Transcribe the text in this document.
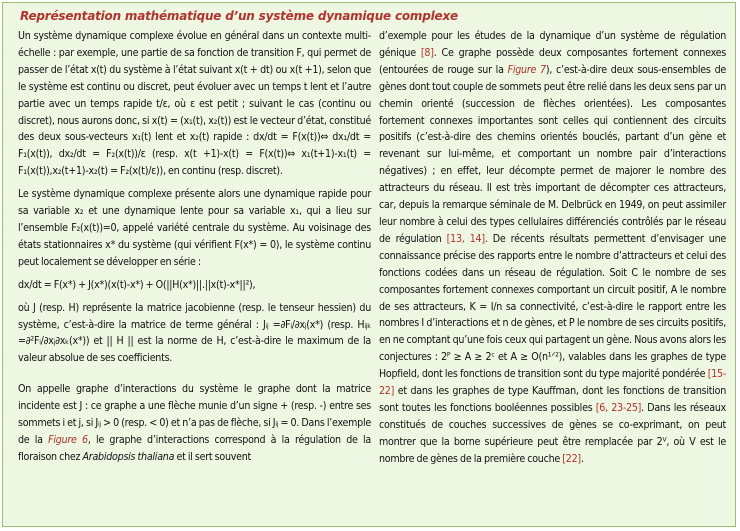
Représentation mathématique d’un système dynamique complexe

Un système dynamique complexe évolue en général dans un contexte multi-échelle : par exemple, une partie de sa fonction de transition F, qui permet de passer de l’état x(t) du système à l’état suivant x(t + dt) ou x(t +1), selon que le système est continu ou discret, peut évoluer avec un temps t lent et l’autre partie avec un temps rapide t/ε, où ε est petit ; suivant le cas (continu ou discret), nous aurons donc, si x(t) = (x₁(t), x₂(t)) est le vecteur d’état, constitué des deux sous-vecteurs x₁(t) lent et x₂(t) rapide : dx/dt = F(x(t))⇔ dx₁/dt = F₁(x(t)), dx₂/dt = F₂(x(t))/ε (resp. x(t +1)-x(t) = F(x(t))⇔ x₁(t+1)-x₁(t) = F₁(x(t)),x₂(t+1)-x₂(t) = F₂(x(t)/ε)), en continu (resp. discret).

Le système dynamique complexe présente alors une dynamique rapide pour sa variable x₂ et une dynamique lente pour sa variable x₁, qui a lieu sur l’ensemble F₂(x(t))=0, appelé variété centrale du système. Au voisinage des états stationnaires x* du système (qui vérifient F(x*) = 0), le système continu peut localement se développer en série :

dx/dt = F(x*) + J(x*)(x(t)-x*) + O(||H(x*)||.||x(t)-x*||²),

où J (resp. H) représente la matrice jacobienne (resp. le tenseur hessien) du système, c’est-à-dire la matrice de terme général : Jᵢⱼ =∂Fᵢ/∂xⱼ(x*) (resp. Hᵢⱼₖ =∂²Fᵢ/∂xⱼ∂xₖ(x*)) et || H || est la norme de H, c’est-à-dire le maximum de la valeur absolue de ses coefficients.

On appelle graphe d’interactions du système le graphe dont la matrice incidente est J : ce graphe a une flèche munie d’un signe + (resp. -) entre ses sommets i et j, si Jᵢⱼ > 0 (resp. < 0) et n’a pas de flèche, si Jᵢⱼ = 0. Dans l’exemple de la Figure 6, le graphe d’interactions correspond à la régulation de la floraison chez Arabidopsis thaliana et il sert souvent

d’exemple pour les études de la dynamique d’un système de régulation génique [8]. Ce graphe possède deux composantes fortement connexes (entourées de rouge sur la Figure 7), c’est-à-dire deux sous-ensembles de gènes dont tout couple de sommets peut être relié dans les deux sens par un chemin orienté (succession de flèches orientées). Les composantes fortement connexes importantes sont celles qui contiennent des circuits positifs (c’est-à-dire des chemins orientés bouclés, partant d’un gène et revenant sur lui-même, et comportant un nombre pair d’interactions négatives) ; en effet, leur décompte permet de majorer le nombre des attracteurs du réseau. Il est très important de décompter ces attracteurs, car, depuis la remarque séminale de M. Delbrück en 1949, on peut assimiler leur nombre à celui des types cellulaires différenciés contrôlés par le réseau de régulation [13, 14]. De récents résultats permettent d’envisager une connaissance précise des rapports entre le nombre d’attracteurs et celui des fonctions codées dans un réseau de régulation. Soit C le nombre de ses composantes fortement connexes comportant un circuit positif, A le nombre de ses attracteurs, K = I/n sa connectivité, c’est-à-dire le rapport entre les nombres I d’interactions et n de gènes, et P le nombre de ses circuits positifs, en ne comptant qu’une fois ceux qui partagent un gène. Nous avons alors les conjectures : 2ᴾ ≥ A ≥ 2ᶜ et A ≥ O(n¹ᐟ²), valables dans les graphes de type Hopfield, dont les fonctions de transition sont du type majorité pondérée [15-22] et dans les graphes de type Kauffman, dont les fonctions de transition sont toutes les fonctions booléennes possibles [6, 23-25]. Dans les réseaux constitués de couches successives de gènes se co-exprimant, on peut montrer que la borne supérieure peut être remplacée par 2ⱽ, où V est le nombre de gènes de la première couche [22].
